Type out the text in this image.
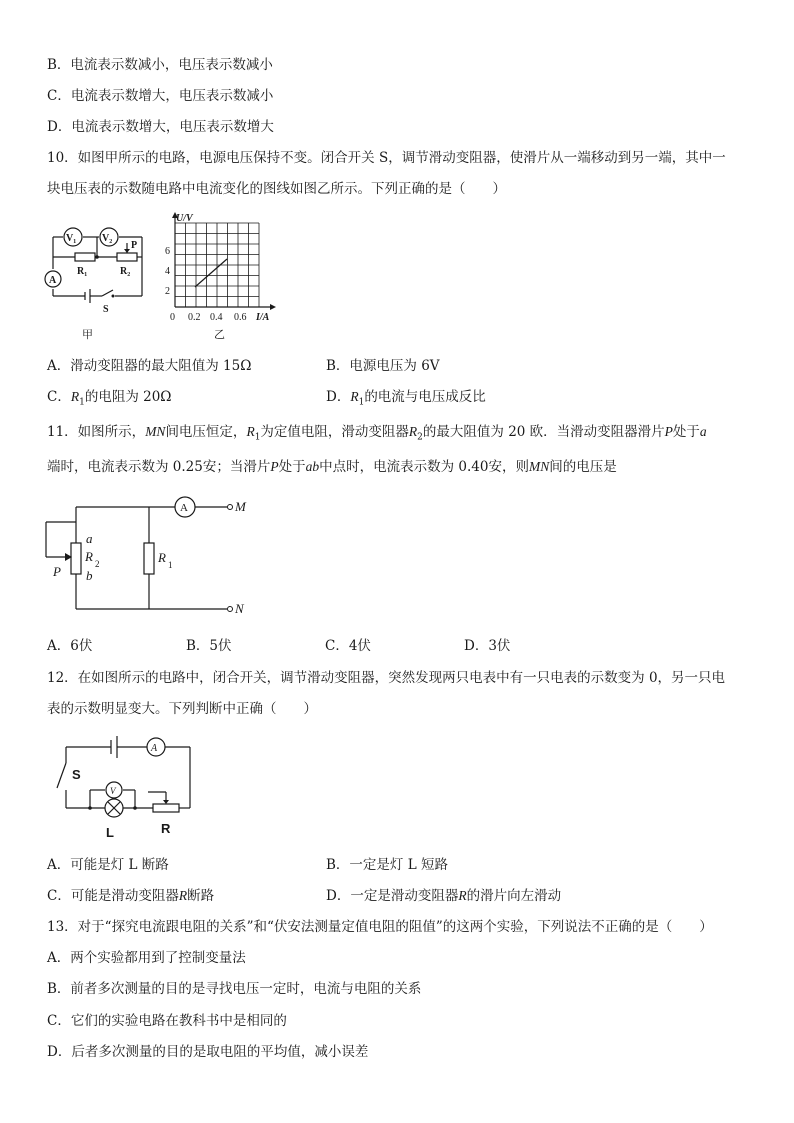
B．电流表示数减小，电压表示数减小
C．电流表示数增大，电压表示数减小
D．电流表示数增大，电压表示数增大
10．如图甲所示的电路，电源电压保持不变。闭合开关 S，调节滑动变阻器，使滑片从一端移动到另一端，其中一
块电压表的示数随电路中电流变化的图线如图乙所示。下列正确的是（　　）
V₁	V₂
P
A
R₁	R₂
S
甲
U/V
2
4
6
0 0.2 0.4 0.6 I/A
乙
A．滑动变阻器的最大阻值为 15Ω	B．电源电压为 6V
C．$R_1$的电阻为 20Ω	D．$R_1$的电流与电压成反比
11．如图所示，MN间电压恒定，$R_1$为定值电阻，滑动变阻器$R_2$的最大阻值为 20 欧．当滑动变阻器滑片P处于a
端时，电流表示数为 0.25安；当滑片P处于ab中点时，电流表示数为 0.40安，则MN间的电压是
A	M
N
a
R 2
b
P
R 1
A．6伏	B．5伏	C．4伏	D．3伏
12．在如图所示的电路中，闭合开关，调节滑动变阻器，突然发现两只电表中有一只电表的示数变为 0，另一只电
表的示数明显变大。下列判断中正确（　　）
A
V
S
L	R
A．可能是灯 L 断路	B．一定是灯 L 短路
C．可能是滑动变阻器R断路	D．一定是滑动变阻器R的滑片向左滑动
13．对于“探究电流跟电阻的关系”和“伏安法测量定值电阻的阻值”的这两个实验，下列说法不正确的是（　　）
A．两个实验都用到了控制变量法
B．前者多次测量的目的是寻找电压一定时，电流与电阻的关系
C．它们的实验电路在教科书中是相同的
D．后者多次测量的目的是取电阻的平均值，减小误差
